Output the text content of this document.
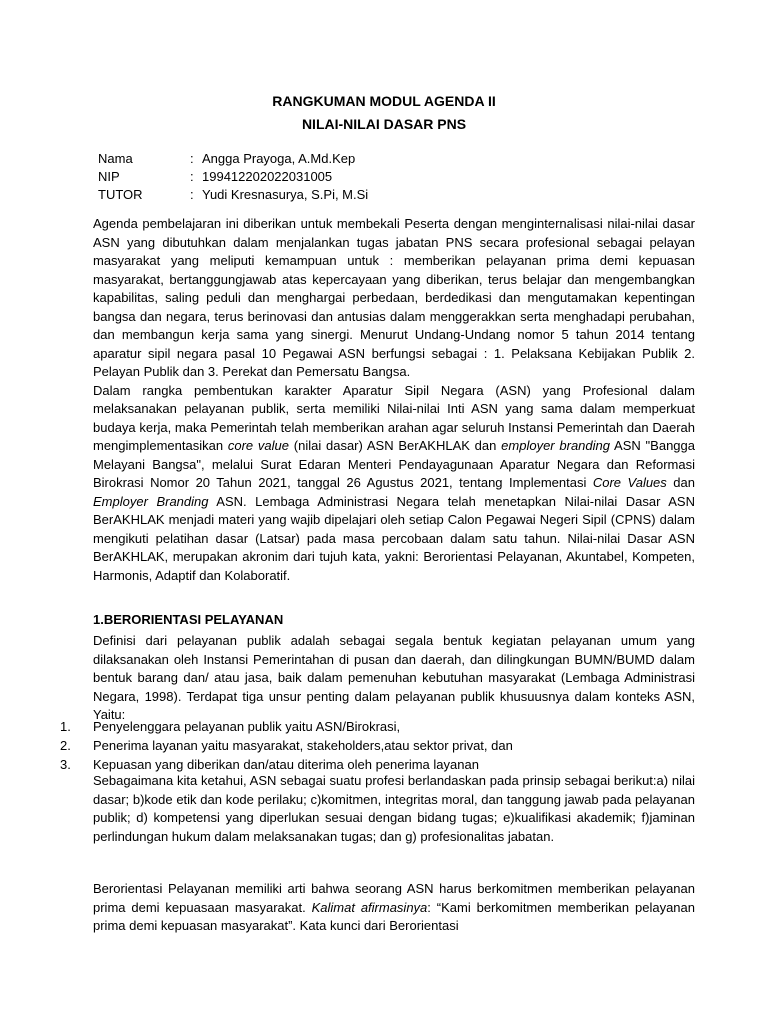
RANGKUMAN MODUL AGENDA II
NILAI-NILAI DASAR PNS
Nama	: Angga Prayoga, A.Md.Kep
NIP	: 199412202022031005
TUTOR	: Yudi Kresnasurya, S.Pi, M.Si
Agenda pembelajaran ini diberikan untuk membekali Peserta dengan menginternalisasi nilai-nilai dasar ASN yang dibutuhkan dalam menjalankan tugas jabatan PNS secara profesional sebagai pelayan masyarakat yang meliputi kemampuan untuk : memberikan pelayanan prima demi kepuasan masyarakat, bertanggungjawab atas kepercayaan yang diberikan, terus belajar dan mengembangkan kapabilitas, saling peduli dan menghargai perbedaan, berdedikasi dan mengutamakan kepentingan bangsa dan negara, terus berinovasi dan antusias dalam menggerakkan serta menghadapi perubahan, dan membangun kerja sama yang sinergi. Menurut Undang-Undang nomor 5 tahun 2014 tentang aparatur sipil negara pasal 10 Pegawai ASN berfungsi sebagai : 1. Pelaksana Kebijakan Publik 2. Pelayan Publik dan 3. Perekat dan Pemersatu Bangsa.
Dalam rangka pembentukan karakter Aparatur Sipil Negara (ASN) yang Profesional dalam melaksanakan pelayanan publik, serta memiliki Nilai-nilai Inti ASN yang sama dalam memperkuat budaya kerja, maka Pemerintah telah memberikan arahan agar seluruh Instansi Pemerintah dan Daerah mengimplementasikan core value (nilai dasar) ASN BerAKHLAK dan employer branding ASN "Bangga Melayani Bangsa", melalui Surat Edaran Menteri Pendayagunaan Aparatur Negara dan Reformasi Birokrasi Nomor 20 Tahun 2021, tanggal 26 Agustus 2021, tentang Implementasi Core Values dan Employer Branding ASN. Lembaga Administrasi Negara telah menetapkan Nilai-nilai Dasar ASN BerAKHLAK menjadi materi yang wajib dipelajari oleh setiap Calon Pegawai Negeri Sipil (CPNS) dalam mengikuti pelatihan dasar (Latsar) pada masa percobaan dalam satu tahun. Nilai-nilai Dasar ASN BerAKHLAK, merupakan akronim dari tujuh kata, yakni: Berorientasi Pelayanan, Akuntabel, Kompeten, Harmonis, Adaptif dan Kolaboratif.
1.BERORIENTASI PELAYANAN
Definisi dari pelayanan publik adalah sebagai segala bentuk kegiatan pelayanan umum yang dilaksanakan oleh Instansi Pemerintahan di pusan dan daerah, dan dilingkungan BUMN/BUMD dalam bentuk barang dan/ atau jasa, baik dalam pemenuhan kebutuhan masyarakat (Lembaga Administrasi Negara, 1998). Terdapat tiga unsur penting dalam pelayanan publik khusuusnya dalam konteks ASN, Yaitu:
1.	Penyelenggara pelayanan publik yaitu ASN/Birokrasi,
2.	Penerima layanan yaitu masyarakat, stakeholders,atau sektor privat, dan
3.	Kepuasan yang diberikan dan/atau diterima oleh penerima layanan
Sebagaimana kita ketahui, ASN sebagai suatu profesi berlandaskan pada prinsip sebagai berikut:a) nilai dasar; b)kode etik dan kode perilaku; c)komitmen, integritas moral, dan tanggung jawab pada pelayanan publik; d) kompetensi yang diperlukan sesuai dengan bidang tugas; e)kualifikasi akademik; f)jaminan perlindungan hukum dalam melaksanakan tugas; dan g) profesionalitas jabatan.
Berorientasi Pelayanan memiliki arti bahwa seorang ASN harus berkomitmen memberikan pelayanan prima demi kepuasaan masyarakat. Kalimat afirmasinya: “Kami berkomitmen memberikan pelayanan prima demi kepuasan masyarakat”. Kata kunci dari Berorientasi
